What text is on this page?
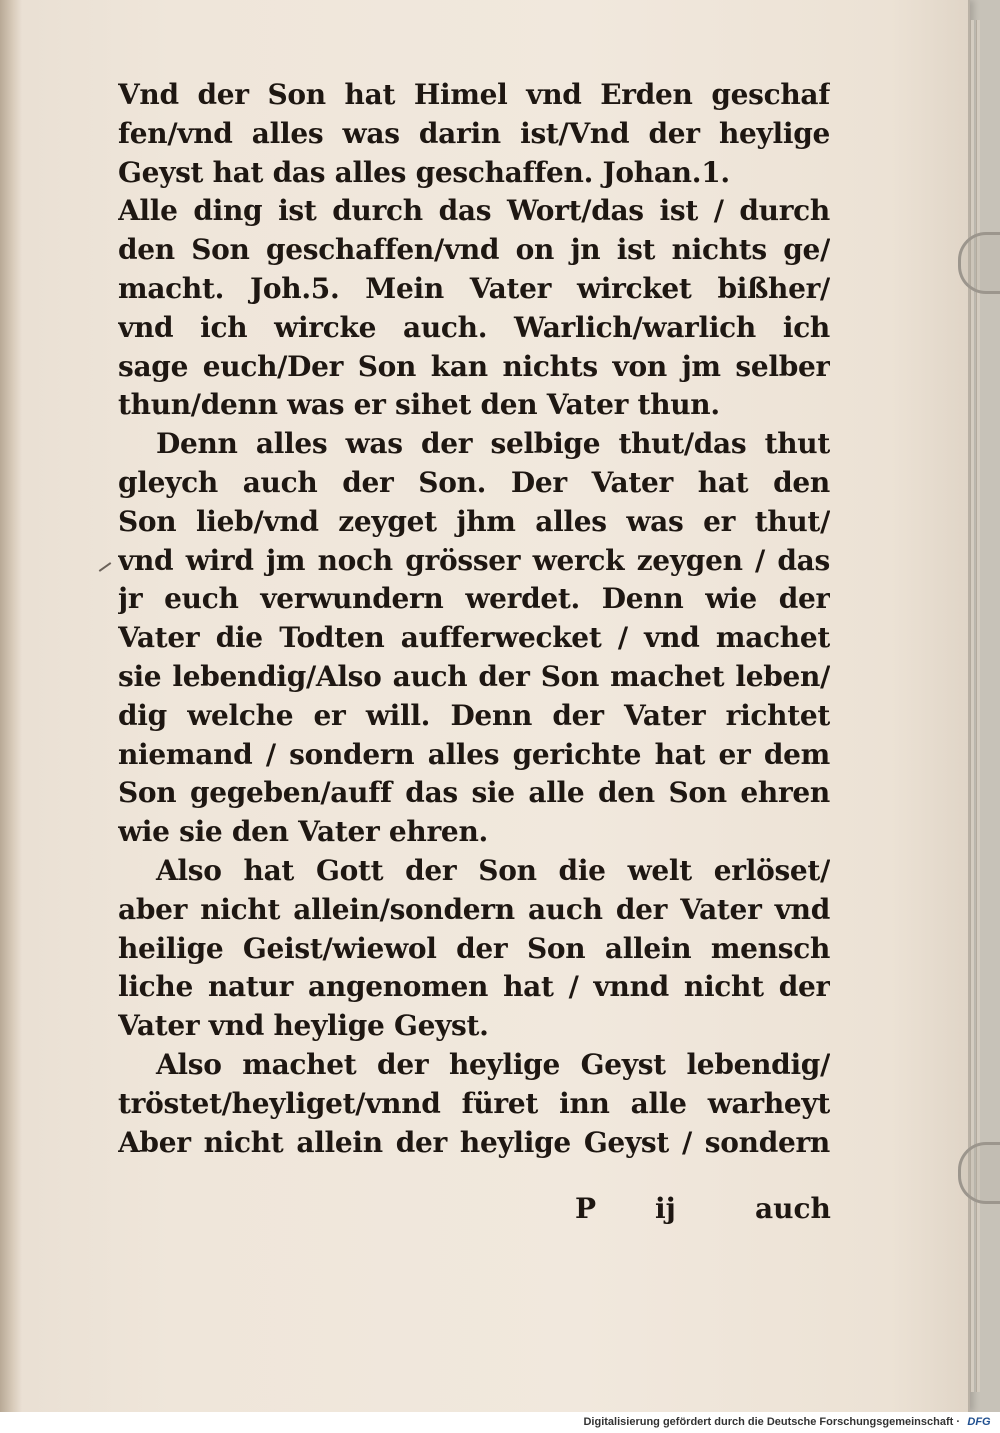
Vnd der Son hat Himel vnd Erden geschaf
fen/vnd alles was darin ist/Vnd der heylige
Geyst hat das alles geschaffen. Johan.1.
Alle ding ist durch das Wort/das ist / durch
den Son geschaffen/vnd on jn ist nichts ge/
macht. Joh.5. Mein Vater wircket bißher/
vnd ich wircke auch. Warlich/warlich ich
sage euch/Der Son kan nichts von jm selber
thun/denn was er sihet den Vater thun.
Denn alles was der selbige thut/das thut
gleych auch der Son. Der Vater hat den
Son lieb/vnd zeyget jhm alles was er thut/
vnd wird jm noch grösser werck zeygen / das
jr euch verwundern werdet. Denn wie der
Vater die Todten aufferwecket / vnd machet
sie lebendig/Also auch der Son machet leben/
dig welche er will. Denn der Vater richtet
niemand / sondern alles gerichte hat er dem
Son gegeben/auff das sie alle den Son ehren
wie sie den Vater ehren.
Also hat Gott der Son die welt erlöset/
aber nicht allein/sondern auch der Vater vnd
heilige Geist/wiewol der Son allein mensch
liche natur angenomen hat / vnnd nicht der
Vater vnd heylige Geyst.
Also machet der heylige Geyst lebendig/
tröstet/heyliget/vnnd füret inn alle warheyt
Aber nicht allein der heylige Geyst / sondern
P ij	auch
Digitalisierung gefördert durch die Deutsche Forschungsgemeinschaft · DFG
